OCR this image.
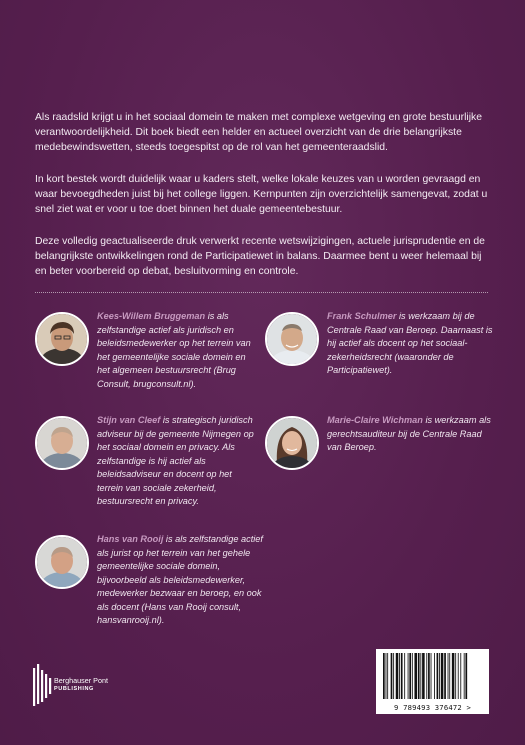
Als raadslid krijgt u in het sociaal domein te maken met complexe wetgeving en grote bestuurlijke verantwoordelijkheid. Dit boek biedt een helder en actueel overzicht van de drie belangrijkste medebewindswetten, steeds toegespitst op de rol van het gemeenteraadslid.

In kort bestek wordt duidelijk waar u kaders stelt, welke lokale keuzes van u worden gevraagd en waar bevoegdheden juist bij het college liggen. Kernpunten zijn overzichtelijk samengevat, zodat u snel ziet wat er voor u toe doet binnen het duale gemeentebestuur.

Deze volledig geactualiseerde druk verwerkt recente wetswijzigingen, actuele jurisprudentie en de belangrijkste ontwikkelingen rond de Participatiewet in balans. Daarmee bent u weer helemaal bij en beter voorbereid op debat, besluitvorming en controle.

Kees-Willem Bruggeman is als zelfstandige actief als juridisch en beleidsmedewerker op het terrein van het gemeentelijke sociale domein en het algemeen bestuursrecht (Brug Consult, brugconsult.nl).
Frank Schulmer is werkzaam bij de Centrale Raad van Beroep. Daarnaast is hij actief als docent op het sociaal-zekerheidsrecht (waaronder de Participatiewet).
Stijn van Cleef is strategisch juridisch adviseur bij de gemeente Nijmegen op het sociaal domein en privacy. Als zelfstandige is hij actief als beleidsadviseur en docent op het terrein van sociale zekerheid, bestuursrecht en privacy.
Marie-Claire Wichman is werkzaam als gerechtsauditeur bij de Centrale Raad van Beroep.
Hans van Rooij is als zelfstandige actief als jurist op het terrein van het gehele gemeentelijke sociale domein, bijvoorbeeld als beleidsmedewerker, medewerker bezwaar en beroep, en ook als docent (Hans van Rooij consult, hansvanrooij.nl).
Berghauser Pont
PUBLISHING
9 789493 376472 >
